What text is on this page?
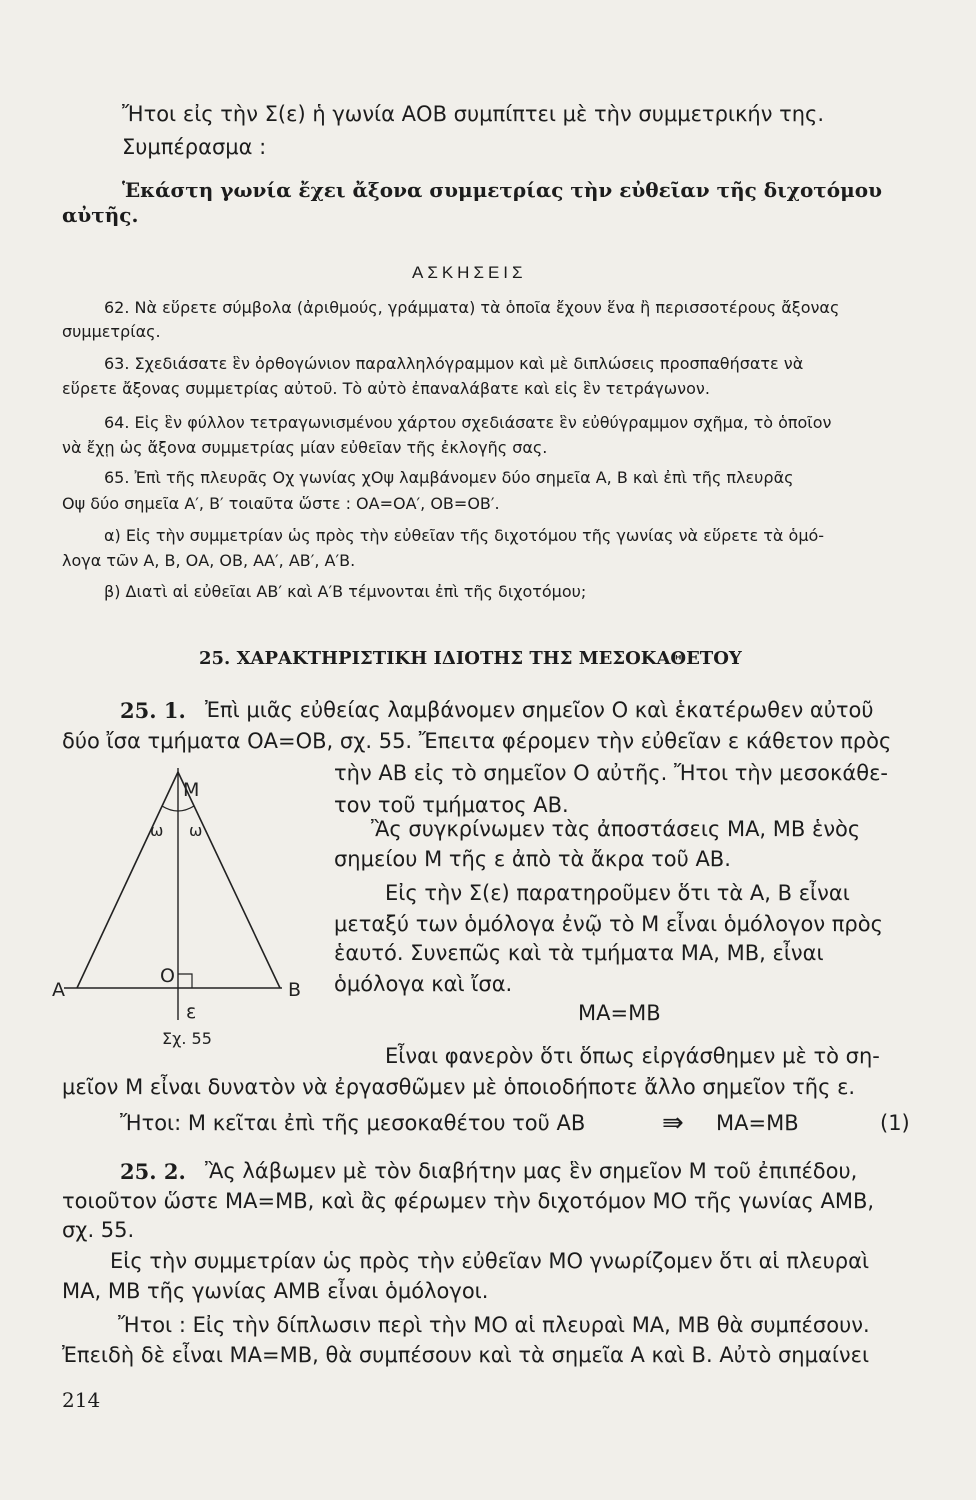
Ἤτοι εἰς τὴν Σ(ε) ἡ γωνία ΑΟΒ συμπίπτει μὲ τὴν συμμετρικήν της.
Συμπέρασμα :
Ἑκάστη γωνία ἔχει ἄξονα συμμετρίας τὴν εὐθεῖαν τῆς διχοτόμου
αὐτῆς.
ΑΣΚΗΣΕΙΣ
62. Νὰ εὕρετε σύμβολα (ἀριθμούς, γράμματα) τὰ ὁποῖα ἔχουν ἕνα ἢ περισσοτέρους ἄξονας
συμμετρίας.
63. Σχεδιάσατε ἓν ὀρθογώνιον παραλληλόγραμμον καὶ μὲ διπλώσεις προσπαθήσατε νὰ
εὕρετε ἄξονας συμμετρίας αὐτοῦ. Τὸ αὐτὸ ἐπαναλάβατε καὶ εἰς ἓν τετράγωνον.
64. Εἰς ἓν φύλλον τετραγωνισμένου χάρτου σχεδιάσατε ἓν εὐθύγραμμον σχῆμα, τὸ ὁποῖον
νὰ ἔχῃ ὡς ἄξονα συμμετρίας μίαν εὐθεῖαν τῆς ἐκλογῆς σας.
65. Ἐπὶ τῆς πλευρᾶς Οχ γωνίας χΟψ λαμβάνομεν δύο σημεῖα Α, Β καὶ ἐπὶ τῆς πλευρᾶς
Οψ δύο σημεῖα Α′, Β′ τοιαῦτα ὥστε : ΟΑ=ΟΑ′, ΟΒ=ΟΒ′.
α) Εἰς τὴν συμμετρίαν ὡς πρὸς τὴν εὐθεῖαν τῆς διχοτόμου τῆς γωνίας νὰ εὕρετε τὰ ὁμό-
λογα τῶν Α, Β, ΟΑ, ΟΒ, ΑΑ′, ΑΒ′, Α′Β.
β) Διατὶ αἱ εὐθεῖαι ΑΒ′ καὶ Α′Β τέμνονται ἐπὶ τῆς διχοτόμου;
25. ΧΑΡΑΚΤΗΡΙΣΤΙΚΗ ΙΔΙΟΤΗΣ ΤΗΣ ΜΕΣΟΚΑΘΕΤΟΥ
25. 1. Ἐπὶ μιᾶς εὐθείας λαμβάνομεν σημεῖον Ο καὶ ἑκατέρωθεν αὐτοῦ
δύο ἴσα τμήματα ΟΑ=ΟΒ, σχ. 55. Ἔπειτα φέρομεν τὴν εὐθεῖαν ε κάθετον πρὸς
τὴν ΑΒ εἰς τὸ σημεῖον Ο αὐτῆς. Ἤτοι τὴν μεσοκάθε-
τον τοῦ τμήματος ΑΒ.
Ἂς συγκρίνωμεν τὰς ἀποστάσεις ΜΑ, ΜΒ ἑνὸς
σημείου Μ τῆς ε ἀπὸ τὰ ἄκρα τοῦ ΑΒ.
Εἰς τὴν Σ(ε) παρατηροῦμεν ὅτι τὰ Α, Β εἶναι
μεταξύ των ὁμόλογα ἐνῷ τὸ Μ εἶναι ὁμόλογον πρὸς
ἑαυτό. Συνεπῶς καὶ τὰ τμήματα ΜΑ, ΜΒ, εἶναι
ὁμόλογα καὶ ἴσα.
ΜΑ=ΜΒ
Εἶναι φανερὸν ὅτι ὅπως εἰργάσθημεν μὲ τὸ ση-
μεῖον Μ εἶναι δυνατὸν νὰ ἐργασθῶμεν μὲ ὁποιοδήποτε ἄλλο σημεῖον τῆς ε.
Ἤτοι: Μ κεῖται ἐπὶ τῆς μεσοκαθέτου τοῦ ΑΒ	⇛ ΜΑ=ΜΒ	(1)
25. 2. Ἂς λάβωμεν μὲ τὸν διαβήτην μας ἓν σημεῖον Μ τοῦ ἐπιπέδου,
τοιοῦτον ὥστε ΜΑ=ΜΒ, καὶ ἂς φέρωμεν τὴν διχοτόμον ΜΟ τῆς γωνίας ΑΜΒ,
σχ. 55.
Εἰς τὴν συμμετρίαν ὡς πρὸς τὴν εὐθεῖαν ΜΟ γνωρίζομεν ὅτι αἱ πλευραὶ
ΜΑ, ΜΒ τῆς γωνίας ΑΜΒ εἶναι ὁμόλογοι.
Ἤτοι : Εἰς τὴν δίπλωσιν περὶ τὴν ΜΟ αἱ πλευραὶ ΜΑ, ΜΒ θὰ συμπέσουν.
Ἐπειδὴ δὲ εἶναι ΜΑ=ΜΒ, θὰ συμπέσουν καὶ τὰ σημεῖα Α καὶ Β. Αὐτὸ σημαίνει
214
M
A	B
O
ε
ω ω
Σχ. 55
